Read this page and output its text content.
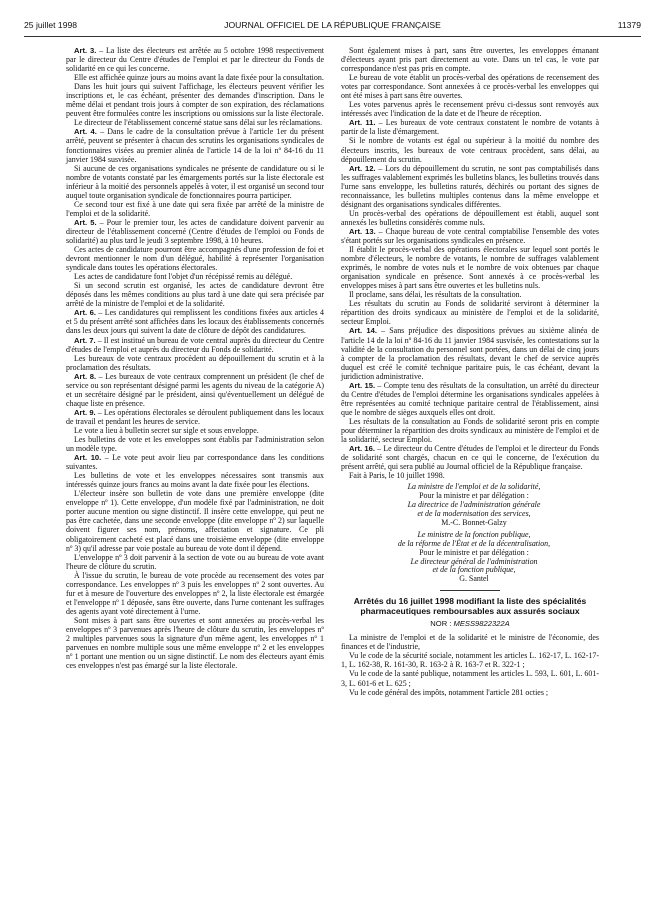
25 juillet 1998	JOURNAL OFFICIEL DE LA RÉPUBLIQUE FRANÇAISE	11379

Art. 3. – La liste des électeurs est arrêtée au 5 octobre 1998 respectivement par le directeur du Centre d'études de l'emploi et par le directeur du Fonds de solidarité en ce qui les concerne.

Elle est affichée quinze jours au moins avant la date fixée pour la consultation.

Dans les huit jours qui suivent l'affichage, les électeurs peuvent vérifier les inscriptions et, le cas échéant, présenter des demandes d'inscription. Dans le même délai et pendant trois jours à compter de son expiration, des réclamations peuvent être formulées contre les inscriptions ou omissions sur la liste électorale.

Le directeur de l'établissement concerné statue sans délai sur les réclamations.

Art. 4. – Dans le cadre de la consultation prévue à l'article 1er du présent arrêté, peuvent se présenter à chacun des scrutins les organisations syndicales de fonctionnaires visées au premier alinéa de l'article 14 de la loi nº 84-16 du 11 janvier 1984 susvisée.

Si aucune de ces organisations syndicales ne présente de candidature ou si le nombre de votants constaté par les émargements portés sur la liste électorale est inférieur à la moitié des personnels appelés à voter, il est organisé un second tour auquel toute organisation syndicale de fonctionnaires pourra participer.

Ce second tour est fixé à une date qui sera fixée par arrêté de la ministre de l'emploi et de la solidarité.

Art. 5. – Pour le premier tour, les actes de candidature doivent parvenir au directeur de l'établissement concerné (Centre d'études de l'emploi ou Fonds de solidarité) au plus tard le jeudi 3 septembre 1998, à 10 heures.

Ces actes de candidature pourront être accompagnés d'une profession de foi et devront mentionner le nom d'un délégué, habilité à représenter l'organisation syndicale dans toutes les opérations électorales.

Les actes de candidature font l'objet d'un récépissé remis au délégué.

Si un second scrutin est organisé, les actes de candidature devront être déposés dans les mêmes conditions au plus tard à une date qui sera précisée par arrêté de la ministre de l'emploi et de la solidarité.

Art. 6. – Les candidatures qui remplissent les conditions fixées aux articles 4 et 5 du présent arrêté sont affichées dans les locaux des établissements concernés dans les deux jours qui suivent la date de clôture de dépôt des candidatures.

Art. 7. – Il est institué un bureau de vote central auprès du directeur du Centre d'études de l'emploi et auprès du directeur du Fonds de solidarité.

Les bureaux de vote centraux procèdent au dépouillement du scrutin et à la proclamation des résultats.

Art. 8. – Les bureaux de vote centraux comprennent un président (le chef de service ou son représentant désigné parmi les agents du niveau de la catégorie A) et un secrétaire désigné par le président, ainsi qu'éventuellement un délégué de chaque liste en présence.

Art. 9. – Les opérations électorales se déroulent publiquement dans les locaux de travail et pendant les heures de service.

Le vote a lieu à bulletin secret sur sigle et sous enveloppe.

Les bulletins de vote et les enveloppes sont établis par l'administration selon un modèle type.

Art. 10. – Le vote peut avoir lieu par correspondance dans les conditions suivantes.

Les bulletins de vote et les enveloppes nécessaires sont transmis aux intéressés quinze jours francs au moins avant la date fixée pour les élections.

L'électeur insère son bulletin de vote dans une première enveloppe (dite enveloppe nº 1). Cette enveloppe, d'un modèle fixé par l'administration, ne doit porter aucune mention ou signe distinctif. Il insère cette enveloppe, qui peut ne pas être cachetée, dans une seconde enveloppe (dite enveloppe nº 2) sur laquelle doivent figurer ses nom, prénoms, affectation et signature. Ce pli obligatoirement cacheté est placé dans une troisième enveloppe (dite enveloppe nº 3) qu'il adresse par voie postale au bureau de vote dont il dépend.

L'enveloppe nº 3 doit parvenir à la section de vote ou au bureau de vote avant l'heure de clôture du scrutin.

À l'issue du scrutin, le bureau de vote procède au recensement des votes par correspondance. Les enveloppes nº 3 puis les enveloppes nº 2 sont ouvertes. Au fur et à mesure de l'ouverture des enveloppes nº 2, la liste électorale est émargée et l'enveloppe nº 1 déposée, sans être ouverte, dans l'urne contenant les suffrages des agents ayant voté directement à l'urne.

Sont mises à part sans être ouvertes et sont annexées au procès-verbal les enveloppes nº 3 parvenues après l'heure de clôture du scrutin, les enveloppes nº 2 multiples parvenues sous la signature d'un même agent, les enveloppes nº 1 parvenues en nombre multiple sous une même enveloppe nº 2 et les enveloppes nº 1 portant une mention ou un signe distinctif. Le nom des électeurs ayant émis ces enveloppes n'est pas émargé sur la liste électorale.

Sont également mises à part, sans être ouvertes, les enveloppes émanant d'électeurs ayant pris part directement au vote. Dans un tel cas, le vote par correspondance n'est pas pris en compte.

Le bureau de vote établit un procès-verbal des opérations de recensement des votes par correspondance. Sont annexées à ce procès-verbal les enveloppes qui ont été mises à part sans être ouvertes.

Les votes parvenus après le recensement prévu ci-dessus sont renvoyés aux intéressés avec l'indication de la date et de l'heure de réception.

Art. 11. – Les bureaux de vote centraux constatent le nombre de votants à partir de la liste d'émargement.

Si le nombre de votants est égal ou supérieur à la moitié du nombre des électeurs inscrits, les bureaux de vote centraux procèdent, sans délai, au dépouillement du scrutin.

Art. 12. – Lors du dépouillement du scrutin, ne sont pas comptabilisés dans les suffrages valablement exprimés les bulletins blancs, les bulletins trouvés dans l'urne sans enveloppe, les bulletins raturés, déchirés ou portant des signes de reconnaissance, les bulletins multiples contenus dans la même enveloppe et désignant des organisations syndicales différentes.

Un procès-verbal des opérations de dépouillement est établi, auquel sont annexés les bulletins considérés comme nuls.

Art. 13. – Chaque bureau de vote central comptabilise l'ensemble des votes s'étant portés sur les organisations syndicales en présence.

Il établit le procès-verbal des opérations électorales sur lequel sont portés le nombre d'électeurs, le nombre de votants, le nombre de suffrages valablement exprimés, le nombre de votes nuls et le nombre de voix obtenues par chaque organisation syndicale en présence. Sont annexés à ce procès-verbal les enveloppes mises à part sans être ouvertes et les bulletins nuls.

Il proclame, sans délai, les résultats de la consultation.

Les résultats du scrutin au Fonds de solidarité serviront à déterminer la répartition des droits syndicaux au ministère de l'emploi et de la solidarité, secteur Emploi.

Art. 14. – Sans préjudice des dispositions prévues au sixième alinéa de l'article 14 de la loi nº 84-16 du 11 janvier 1984 susvisée, les contestations sur la validité de la consultation du personnel sont portées, dans un délai de cinq jours à compter de la proclamation des résultats, devant le chef de service auprès duquel est créé le comité technique paritaire puis, le cas échéant, devant la juridiction administrative.

Art. 15. – Compte tenu des résultats de la consultation, un arrêté du directeur du Centre d'études de l'emploi détermine les organisations syndicales appelées à être représentées au comité technique paritaire central de l'établissement, ainsi que le nombre de sièges auxquels elles ont droit.

Les résultats de la consultation au Fonds de solidarité seront pris en compte pour déterminer la répartition des droits syndicaux au ministère de l'emploi et de la solidarité, secteur Emploi.

Art. 16. – Le directeur du Centre d'études de l'emploi et le directeur du Fonds de solidarité sont chargés, chacun en ce qui le concerne, de l'exécution du présent arrêté, qui sera publié au Journal officiel de la République française.

Fait à Paris, le 10 juillet 1998.

La ministre de l'emploi et de la solidarité,

Pour la ministre et par délégation :

La directrice de l'administration générale

et de la modernisation des services,

M.-C. Bonnet-Galzy

Le ministre de la fonction publique,

de la réforme de l'État et de la décentralisation,

Pour le ministre et par délégation :

Le directeur général de l'administration

et de la fonction publique,

G. Santel

Arrêtés du 16 juillet 1998 modifiant la liste des spécialités pharmaceutiques remboursables aux assurés sociaux
NOR : MESS9822322A

La ministre de l'emploi et de la solidarité et le ministre de l'économie, des finances et de l'industrie,

Vu le code de la sécurité sociale, notamment les articles L. 162-17, L. 162-17-1, L. 162-38, R. 161-30, R. 163-2 à R. 163-7 et R. 322-1 ;

Vu le code de la santé publique, notamment les articles L. 593, L. 601, L. 601-3, L. 601-6 et L. 625 ;

Vu le code général des impôts, notamment l'article 281 octies ;
